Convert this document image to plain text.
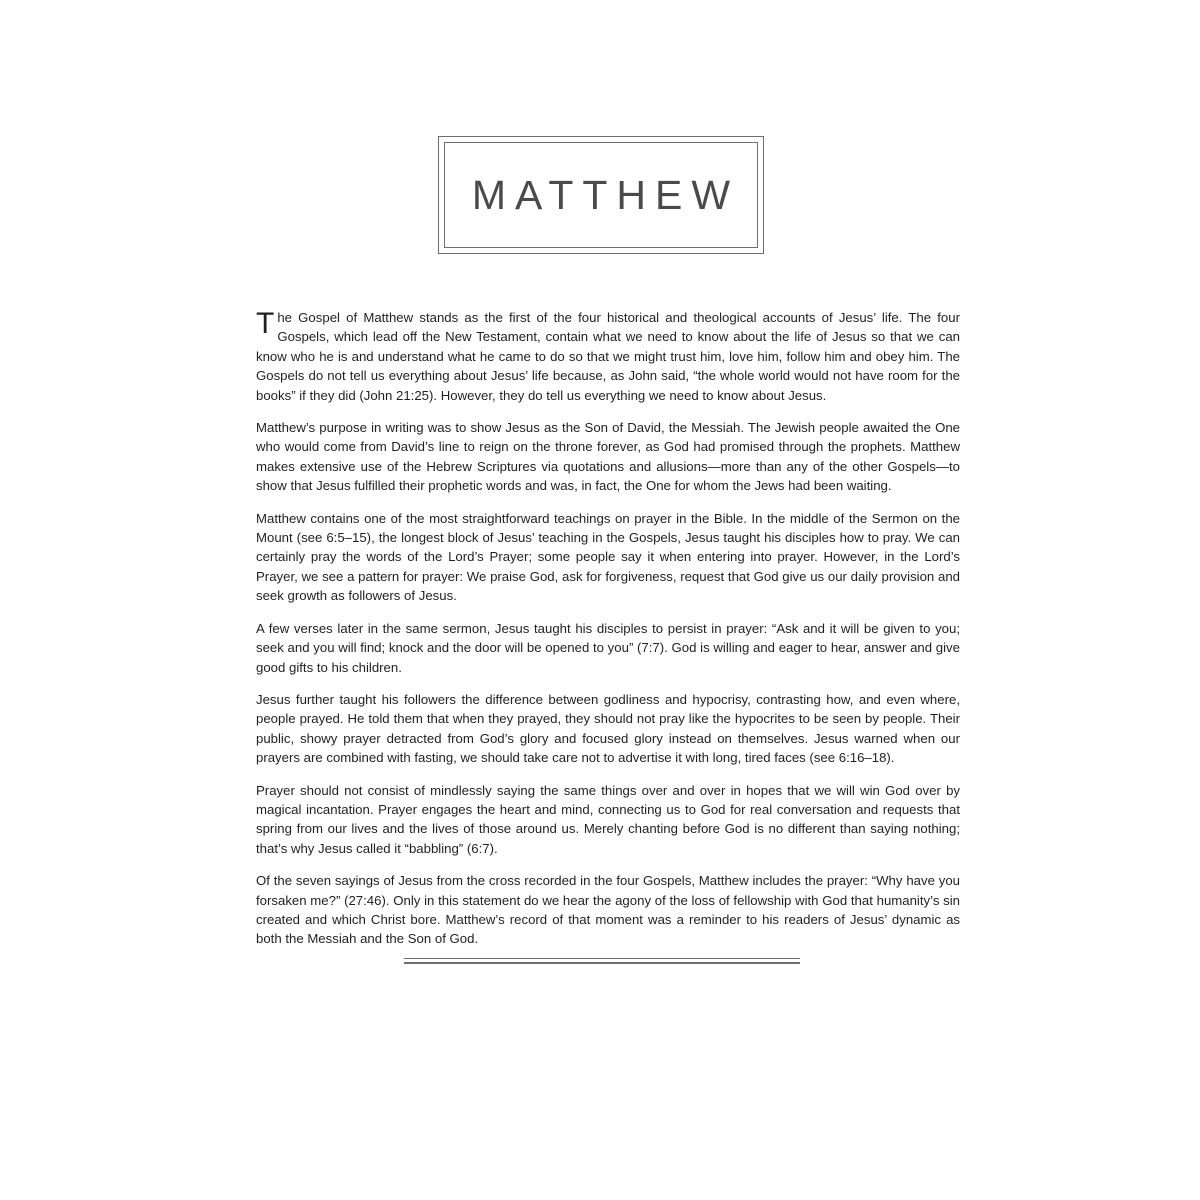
MATTHEW

The Gospel of Matthew stands as the first of the four historical and theological accounts of Jesus’ life. The four Gospels, which lead off the New Testament, contain what we need to know about the life of Jesus so that we can know who he is and understand what he came to do so that we might trust him, love him, follow him and obey him. The Gospels do not tell us everything about Jesus’ life because, as John said, “the whole world would not have room for the books” if they did (John 21:25). However, they do tell us everything we need to know about Jesus.

Matthew’s purpose in writing was to show Jesus as the Son of David, the Messiah. The Jewish people awaited the One who would come from David’s line to reign on the throne forever, as God had promised through the prophets. Matthew makes extensive use of the Hebrew Scriptures via quotations and allusions—more than any of the other Gospels—to show that Jesus fulfilled their prophetic words and was, in fact, the One for whom the Jews had been waiting.

Matthew contains one of the most straightforward teachings on prayer in the Bible. In the middle of the Sermon on the Mount (see 6:5–15), the longest block of Jesus’ teaching in the Gospels, Jesus taught his disciples how to pray. We can certainly pray the words of the Lord’s Prayer; some people say it when entering into prayer. However, in the Lord’s Prayer, we see a pattern for prayer: We praise God, ask for forgiveness, request that God give us our daily provision and seek growth as followers of Jesus.

A few verses later in the same sermon, Jesus taught his disciples to persist in prayer: “Ask and it will be given to you; seek and you will find; knock and the door will be opened to you” (7:7). God is willing and eager to hear, answer and give good gifts to his children.

Jesus further taught his followers the difference between godliness and hypocrisy, contrasting how, and even where, people prayed. He told them that when they prayed, they should not pray like the hypocrites to be seen by people. Their public, showy prayer detracted from God’s glory and focused glory instead on themselves. Jesus warned when our prayers are combined with fasting, we should take care not to advertise it with long, tired faces (see 6:16–18).

Prayer should not consist of mindlessly saying the same things over and over in hopes that we will win God over by magical incantation. Prayer engages the heart and mind, connecting us to God for real conversation and requests that spring from our lives and the lives of those around us. Merely chanting before God is no different than saying nothing; that’s why Jesus called it “babbling” (6:7).

Of the seven sayings of Jesus from the cross recorded in the four Gospels, Matthew includes the prayer: “Why have you forsaken me?” (27:46). Only in this statement do we hear the agony of the loss of fellowship with God that humanity’s sin created and which Christ bore. Matthew’s record of that moment was a reminder to his readers of Jesus’ dynamic as both the Messiah and the Son of God.
